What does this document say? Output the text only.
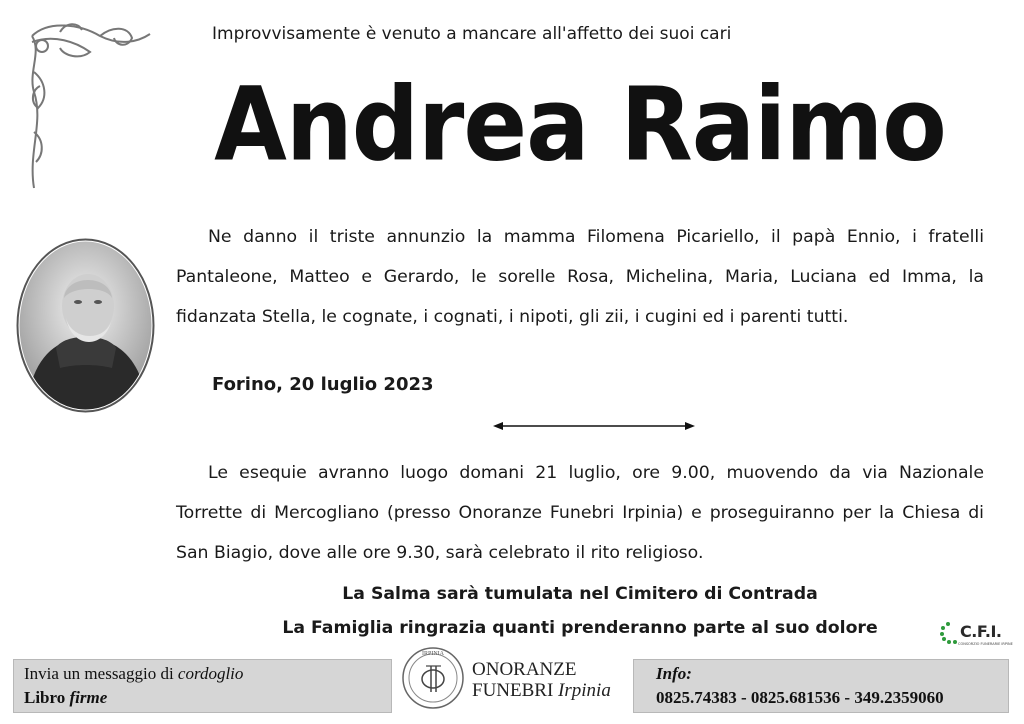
Improvvisamente è venuto a mancare all'affetto dei suoi cari
Andrea Raimo
Ne danno il triste annunzio la mamma Filomena Picariello, il papà Ennio, i fratelli Pantaleone, Matteo e Gerardo, le sorelle Rosa, Michelina, Maria, Luciana ed Imma, la fidanzata Stella, le cognate, i cognati, i nipoti, gli zii, i cugini ed i parenti tutti.
Forino, 20 luglio 2023
Le esequie avranno luogo domani 21 luglio, ore 9.00, muovendo da via Nazionale Torrette di Mercogliano (presso Onoranze Funebri Irpinia) e proseguiranno per la Chiesa di San Biagio, dove alle ore 9.30, sarà celebrato il rito religioso.
La Salma sarà tumulata nel Cimitero di Contrada
La Famiglia ringrazia quanti prenderanno parte al suo dolore	C.F.I.
CONSORZIO FUNERARIE IRPINE
Invia un messaggio di cordoglio
Libro firme
IRPINIA
ONORANZE
FUNEBRI Irpinia
Info:
0825.74383 - 0825.681536 - 349.2359060
